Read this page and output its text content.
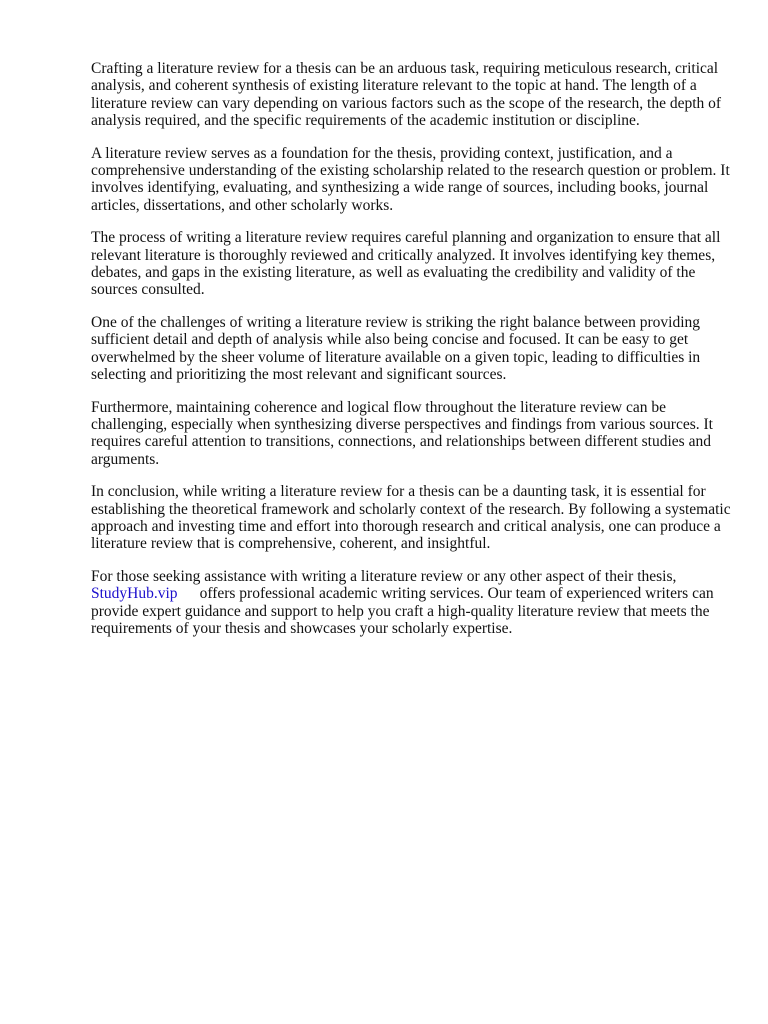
Crafting a literature review for a thesis can be an arduous task, requiring meticulous research, critical analysis, and coherent synthesis of existing literature relevant to the topic at hand. The length of a literature review can vary depending on various factors such as the scope of the research, the depth of analysis required, and the specific requirements of the academic institution or discipline.

A literature review serves as a foundation for the thesis, providing context, justification, and a comprehensive understanding of the existing scholarship related to the research question or problem. It involves identifying, evaluating, and synthesizing a wide range of sources, including books, journal articles, dissertations, and other scholarly works.

The process of writing a literature review requires careful planning and organization to ensure that all relevant literature is thoroughly reviewed and critically analyzed. It involves identifying key themes, debates, and gaps in the existing literature, as well as evaluating the credibility and validity of the sources consulted.

One of the challenges of writing a literature review is striking the right balance between providing sufficient detail and depth of analysis while also being concise and focused. It can be easy to get overwhelmed by the sheer volume of literature available on a given topic, leading to difficulties in selecting and prioritizing the most relevant and significant sources.

Furthermore, maintaining coherence and logical flow throughout the literature review can be challenging, especially when synthesizing diverse perspectives and findings from various sources. It requires careful attention to transitions, connections, and relationships between different studies and arguments.

In conclusion, while writing a literature review for a thesis can be a daunting task, it is essential for establishing the theoretical framework and scholarly context of the research. By following a systematic approach and investing time and effort into thorough research and critical analysis, one can produce a literature review that is comprehensive, coherent, and insightful.

For those seeking assistance with writing a literature review or any other aspect of their thesis,
StudyHub.vip offers professional academic writing services. Our team of experienced writers can provide expert guidance and support to help you craft a high-quality literature review that meets the requirements of your thesis and showcases your scholarly expertise.
